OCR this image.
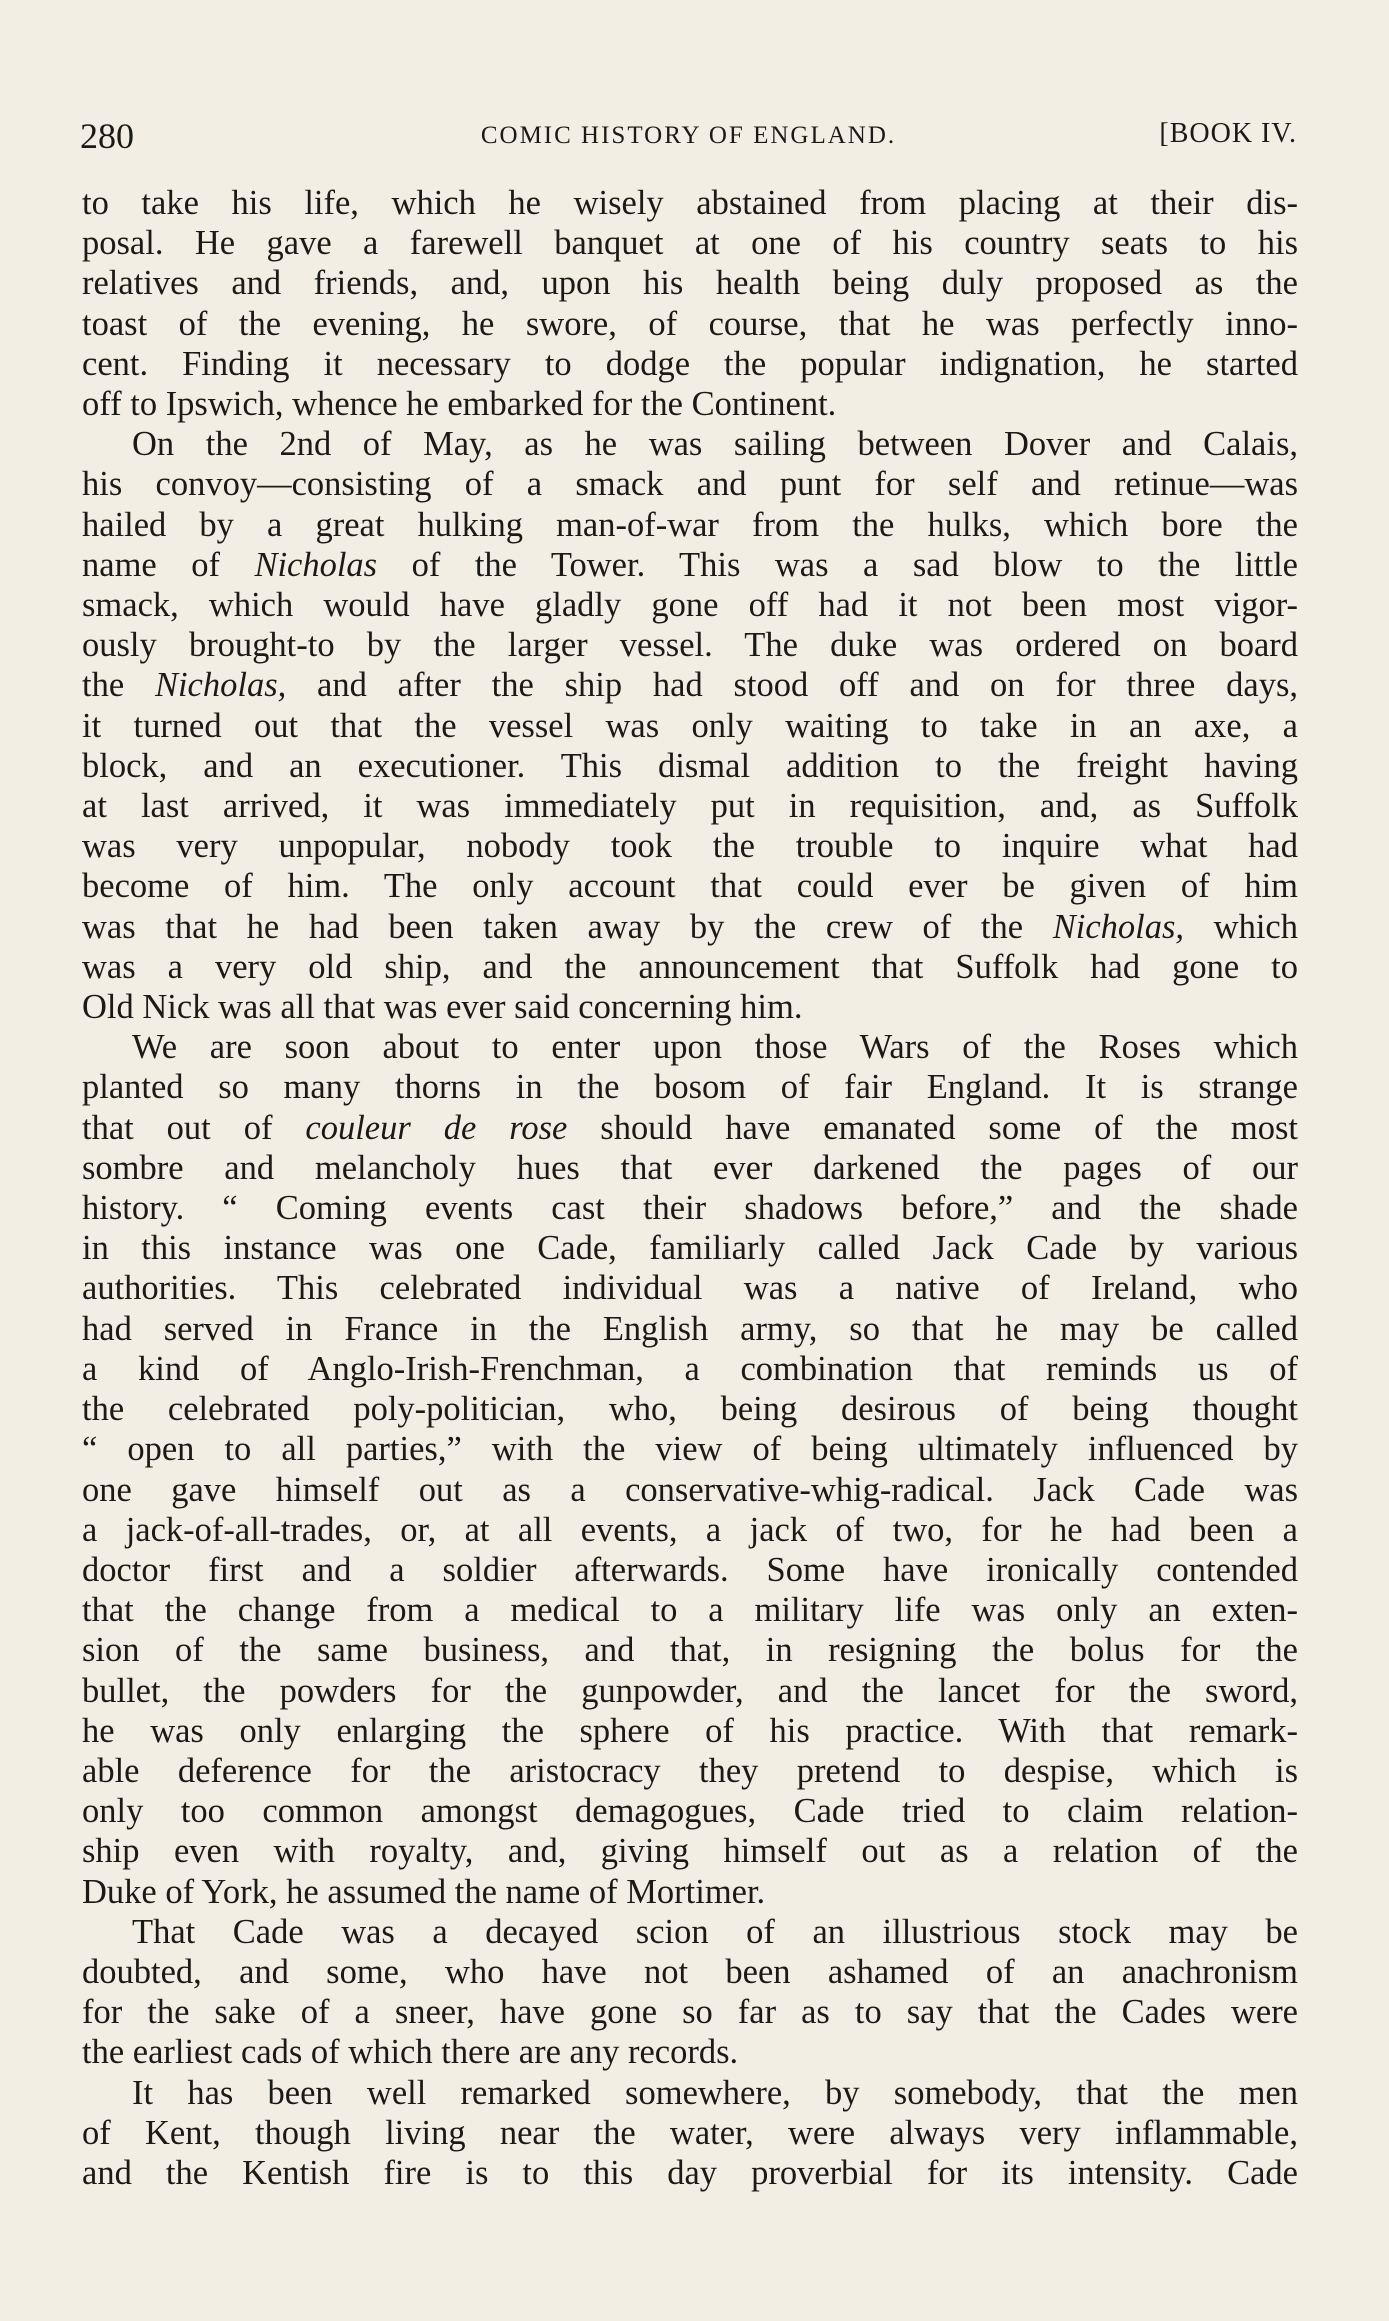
280	COMIC HISTORY OF ENGLAND.	[BOOK IV.
to take his life, which he wisely abstained from placing at their dis-
posal. He gave a farewell banquet at one of his country seats to his
relatives and friends, and, upon his health being duly proposed as the
toast of the evening, he swore, of course, that he was perfectly inno-
cent. Finding it necessary to dodge the popular indignation, he started
off to Ipswich, whence he embarked for the Continent.
On the 2nd of May, as he was sailing between Dover and Calais,
his convoy—consisting of a smack and punt for self and retinue—was
hailed by a great hulking man-of-war from the hulks, which bore the
name of Nicholas of the Tower. This was a sad blow to the little
smack, which would have gladly gone off had it not been most vigor-
ously brought-to by the larger vessel. The duke was ordered on board
the Nicholas, and after the ship had stood off and on for three days,
it turned out that the vessel was only waiting to take in an axe, a
block, and an executioner. This dismal addition to the freight having
at last arrived, it was immediately put in requisition, and, as Suffolk
was very unpopular, nobody took the trouble to inquire what had
become of him. The only account that could ever be given of him
was that he had been taken away by the crew of the Nicholas, which
was a very old ship, and the announcement that Suffolk had gone to
Old Nick was all that was ever said concerning him.
We are soon about to enter upon those Wars of the Roses which
planted so many thorns in the bosom of fair England. It is strange
that out of couleur de rose should have emanated some of the most
sombre and melancholy hues that ever darkened the pages of our
history. “ Coming events cast their shadows before,” and the shade
in this instance was one Cade, familiarly called Jack Cade by various
authorities. This celebrated individual was a native of Ireland, who
had served in France in the English army, so that he may be called
a kind of Anglo-Irish-Frenchman, a combination that reminds us of
the celebrated poly-politician, who, being desirous of being thought
“ open to all parties,” with the view of being ultimately influenced by
one gave himself out as a conservative-whig-radical. Jack Cade was
a jack-of-all-trades, or, at all events, a jack of two, for he had been a
doctor first and a soldier afterwards. Some have ironically contended
that the change from a medical to a military life was only an exten-
sion of the same business, and that, in resigning the bolus for the
bullet, the powders for the gunpowder, and the lancet for the sword,
he was only enlarging the sphere of his practice. With that remark-
able deference for the aristocracy they pretend to despise, which is
only too common amongst demagogues, Cade tried to claim relation-
ship even with royalty, and, giving himself out as a relation of the
Duke of York, he assumed the name of Mortimer.
That Cade was a decayed scion of an illustrious stock may be
doubted, and some, who have not been ashamed of an anachronism
for the sake of a sneer, have gone so far as to say that the Cades were
the earliest cads of which there are any records.
It has been well remarked somewhere, by somebody, that the men
of Kent, though living near the water, were always very inflammable,
and the Kentish fire is to this day proverbial for its intensity. Cade
